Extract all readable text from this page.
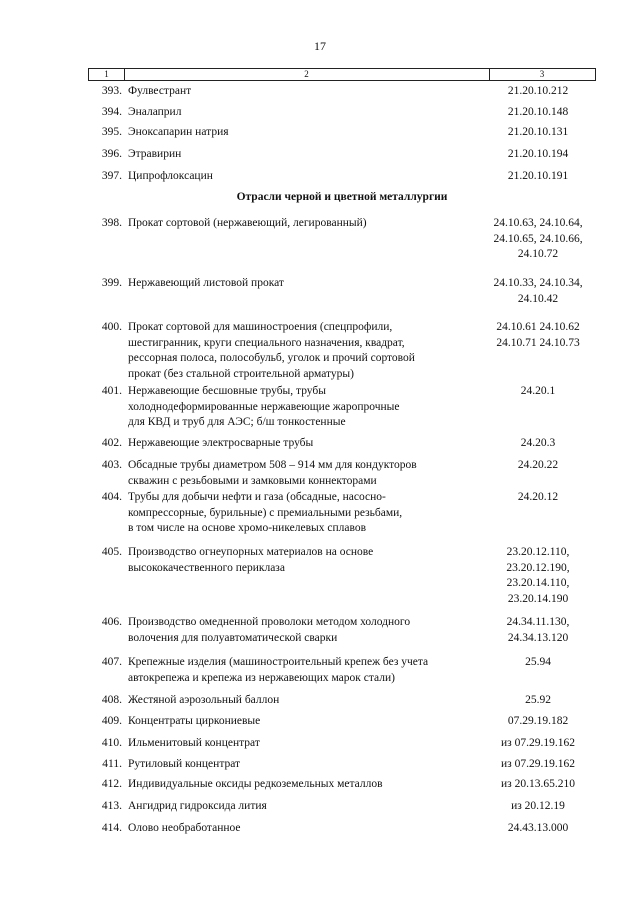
17
1	2	3
393. Фулвестрант	21.20.10.212
394. Эналаприл	21.20.10.148
395. Эноксапарин натрия	21.20.10.131
396. Этравирин	21.20.10.194
397. Ципрофлоксацин	21.20.10.191
398. Прокат сортовой (нержавеющий, легированный)	24.10.63, 24.10.64,
24.10.65, 24.10.66,
24.10.72
399. Нержавеющий листовой прокат	24.10.33, 24.10.34,
24.10.42
400. Прокат сортовой для машиностроения (спецпрофили,
шестигранник, круги специального назначения, квадрат,
рессорная полоса, полособульб, уголок и прочий сортовой
прокат (без стальной строительной арматуры)
24.10.61 24.10.62
24.10.71 24.10.73
401. Нержавеющие бесшовные трубы, трубы
холоднодеформированные нержавеющие жаропрочные
для КВД и труб для АЭС; б/ш тонкостенные
24.20.1
402. Нержавеющие электросварные трубы	24.20.3
403. Обсадные трубы диаметром 508 – 914 мм для кондукторов
скважин с резьбовыми и замковыми коннекторами
24.20.22
404. Трубы для добычи нефти и газа (обсадные, насосно-
компрессорные, бурильные) с премиальными резьбами,
в том числе на основе хромо-никелевых сплавов
24.20.12
405. Производство огнеупорных материалов на основе
высококачественного периклаза
23.20.12.110,
23.20.12.190,
23.20.14.110,
23.20.14.190
406. Производство омедненной проволоки методом холодного
волочения для полуавтоматической сварки
24.34.11.130,
24.34.13.120
407. Крепежные изделия (машиностроительный крепеж без учета
автокрепежа и крепежа из нержавеющих марок стали)
25.94
408. Жестяной аэрозольный баллон	25.92
409. Концентраты циркониевые	07.29.19.182
410. Ильменитовый концентрат	из 07.29.19.162
411. Рутиловый концентрат	из 07.29.19.162
412. Индивидуальные оксиды редкоземельных металлов	из 20.13.65.210
413. Ангидрид гидроксида лития	из 20.12.19
414. Олово необработанное	24.43.13.000
Отрасли черной и цветной металлургии
